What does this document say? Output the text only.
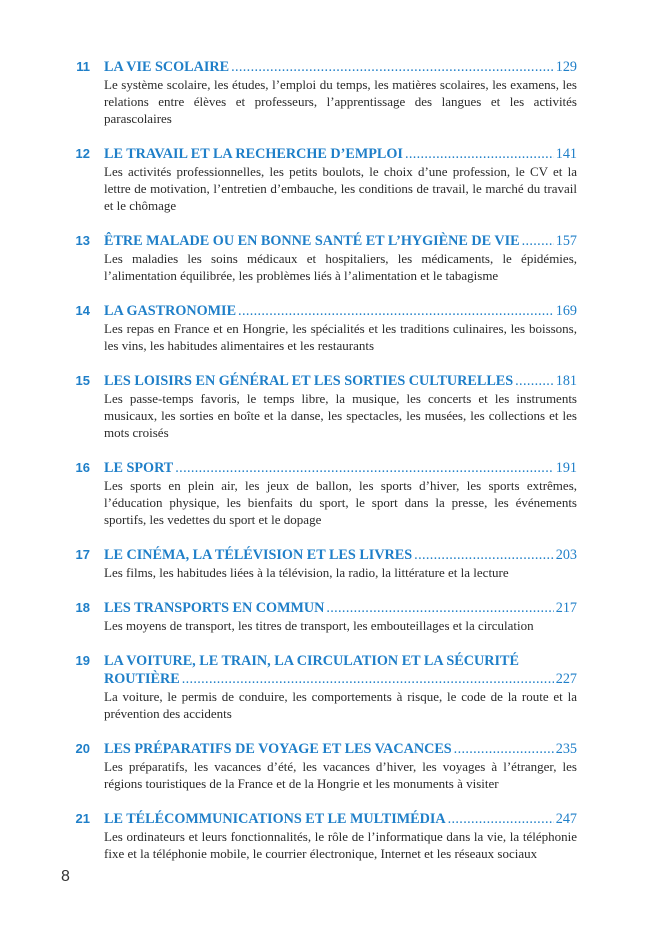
11 LA VIE SCOLAIRE . . .	129
Le système scolaire, les études, l’emploi du temps, les matières scolaires, les examens, les relations entre élèves et professeurs, l’apprentissage des langues et les activités parascolaires
12 LE TRAVAIL ET LA RECHERCHE D’EMPLOI . . .	141
Les activités professionnelles, les petits boulots, le choix d’une profession, le CV et la lettre de motivation, l’entretien d’embauche, les conditions de travail, le marché du travail et le chômage
13 ÊTRE MALADE OU EN BONNE SANTÉ ET L’HYGIÈNE DE VIE . . .	157
Les maladies les soins médicaux et hospitaliers, les médicaments, le épidémies, l’alimentation équilibrée, les problèmes liés à l’alimentation et le tabagisme
14 LA GASTRONOMIE . . .	169
Les repas en France et en Hongrie, les spécialités et les traditions culinaires, les boissons, les vins, les habitudes alimentaires et les restaurants
15 LES LOISIRS EN GÉNÉRAL ET LES SORTIES CULTURELLES . . .	181
Les passe-temps favoris, le temps libre, la musique, les concerts et les instruments musicaux, les sorties en boîte et la danse, les spectacles, les musées, les collections et les mots croisés
16 LE SPORT . . .	191
Les sports en plein air, les jeux de ballon, les sports d’hiver, les sports extrêmes, l’éducation physique, les bienfaits du sport, le sport dans la presse, les événements sportifs, les vedettes du sport et le dopage
17 LE CINÉMA, LA TÉLÉVISION ET LES LIVRES . . .	203
Les films, les habitudes liées à la télévision, la radio, la littérature et la lecture
18 LES TRANSPORTS EN COMMUN . . .	217
Les moyens de transport, les titres de transport, les embouteillages et la circulation
19 LA VOITURE, LE TRAIN, LA CIRCULATION ET LA SÉCURITÉ
ROUTIÈRE . . .	227
La voiture, le permis de conduire, les comportements à risque, le code de la route et la prévention des accidents
20 LES PRÉPARATIFS DE VOYAGE ET LES VACANCES . . .	235
Les préparatifs, les vacances d’été, les vacances d’hiver, les voyages à l’étranger, les régions touristiques de la France et de la Hongrie et les monuments à visiter
21 LE TÉLÉCOMMUNICATIONS ET LE MULTIMÉDIA . . .	247
Les ordinateurs et leurs fonctionnalités, le rôle de l’informatique dans la vie, la téléphonie fixe et la téléphonie mobile, le courrier électronique, Internet et les réseaux sociaux
8
